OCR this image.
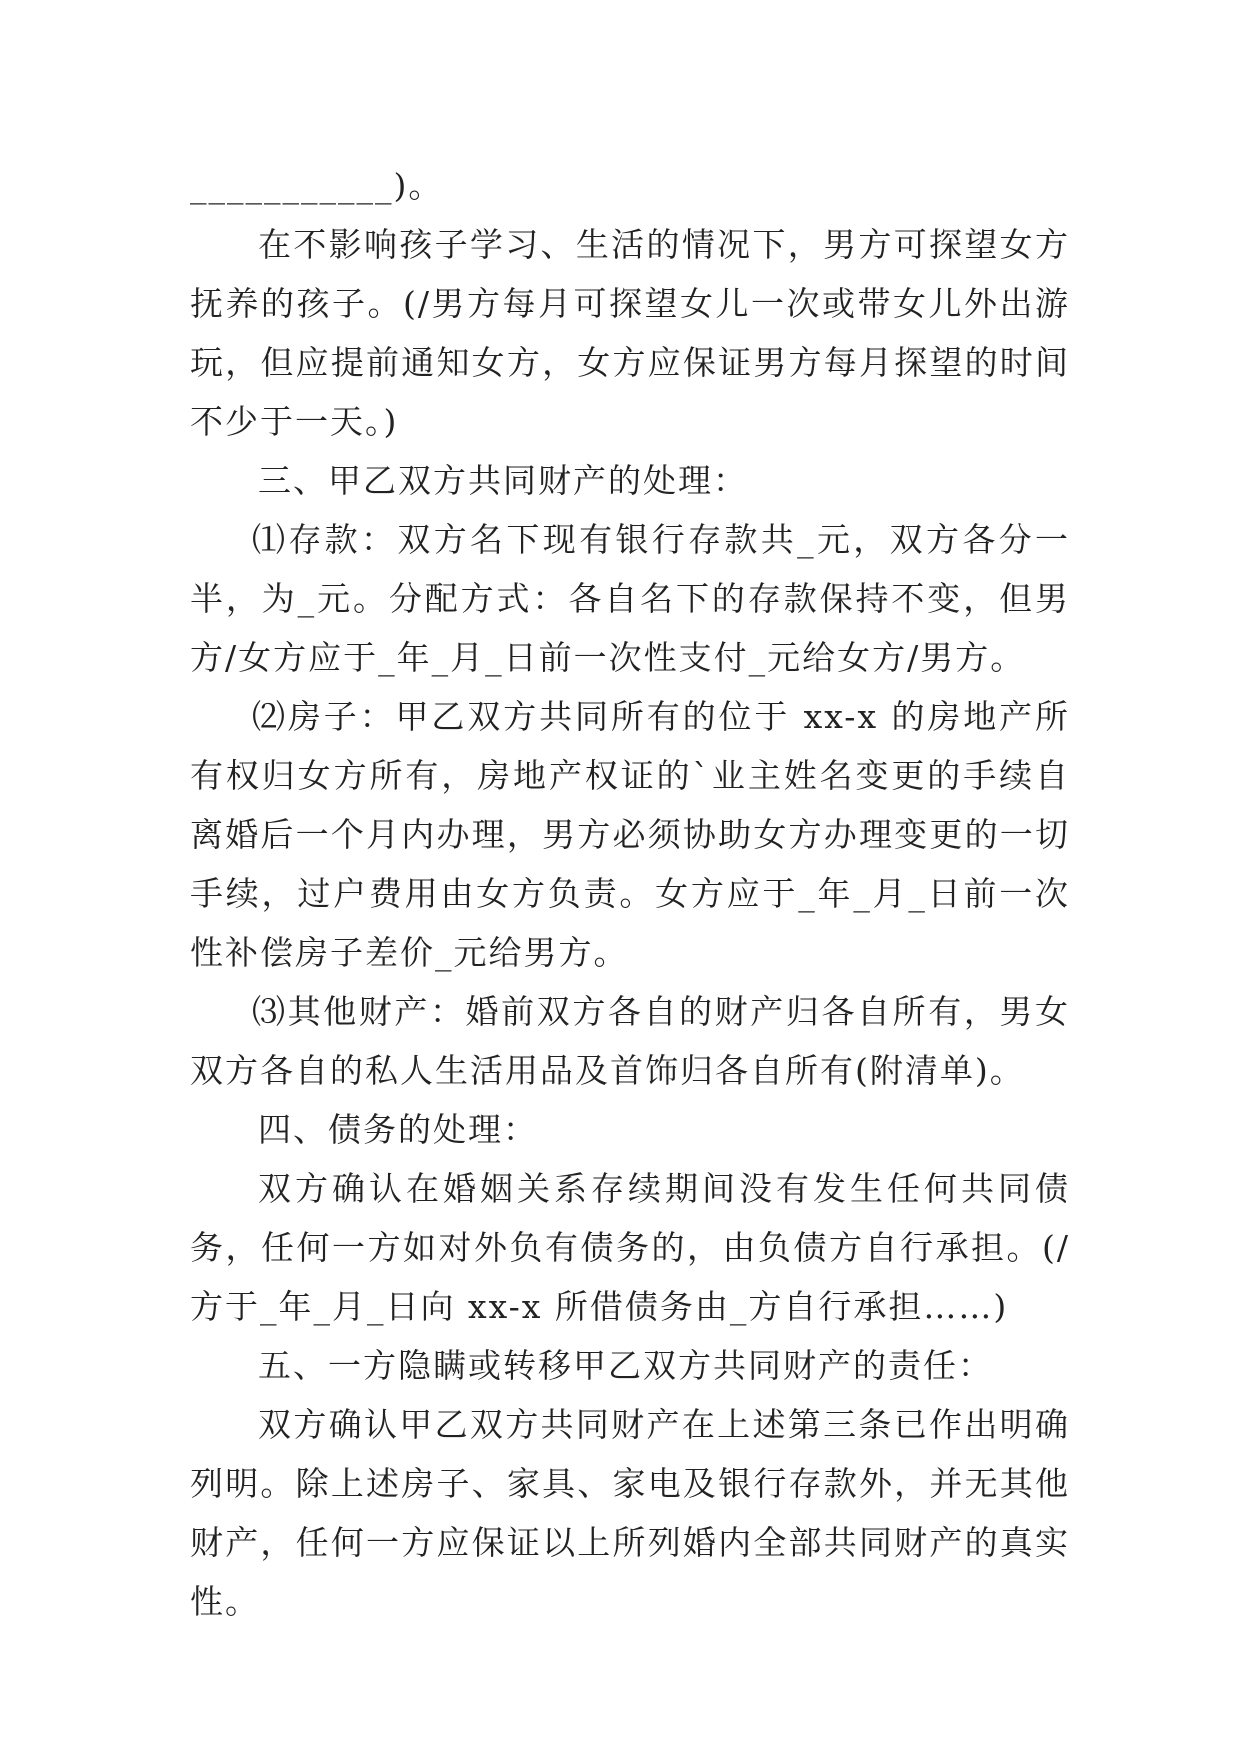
___________)。

在不影响孩子学习、生活的情况下，男方可探望女方抚养的孩子。(/男方每月可探望女儿一次或带女儿外出游玩，但应提前通知女方，女方应保证男方每月探望的时间不少于一天。)

三、甲乙双方共同财产的处理：

⑴存款：双方名下现有银行存款共_元，双方各分一半，为_元。分配方式：各自名下的存款保持不变，但男方/女方应于_年_月_日前一次性支付_元给女方/男方。

⑵房子：甲乙双方共同所有的位于 xx-x 的房地产所有权归女方所有，房地产权证的`业主姓名变更的手续自离婚后一个月内办理，男方必须协助女方办理变更的一切手续，过户费用由女方负责。女方应于_年_月_日前一次性补偿房子差价_元给男方。

⑶其他财产：婚前双方各自的财产归各自所有，男女双方各自的私人生活用品及首饰归各自所有(附清单)。

四、债务的处理：

双方确认在婚姻关系存续期间没有发生任何共同债务，任何一方如对外负有债务的，由负债方自行承担。(/方于_年_月_日向 xx-x 所借债务由_方自行承担……)

五、一方隐瞒或转移甲乙双方共同财产的责任：

双方确认甲乙双方共同财产在上述第三条已作出明确列明。除上述房子、家具、家电及银行存款外，并无其他财产，任何一方应保证以上所列婚内全部共同财产的真实性。
